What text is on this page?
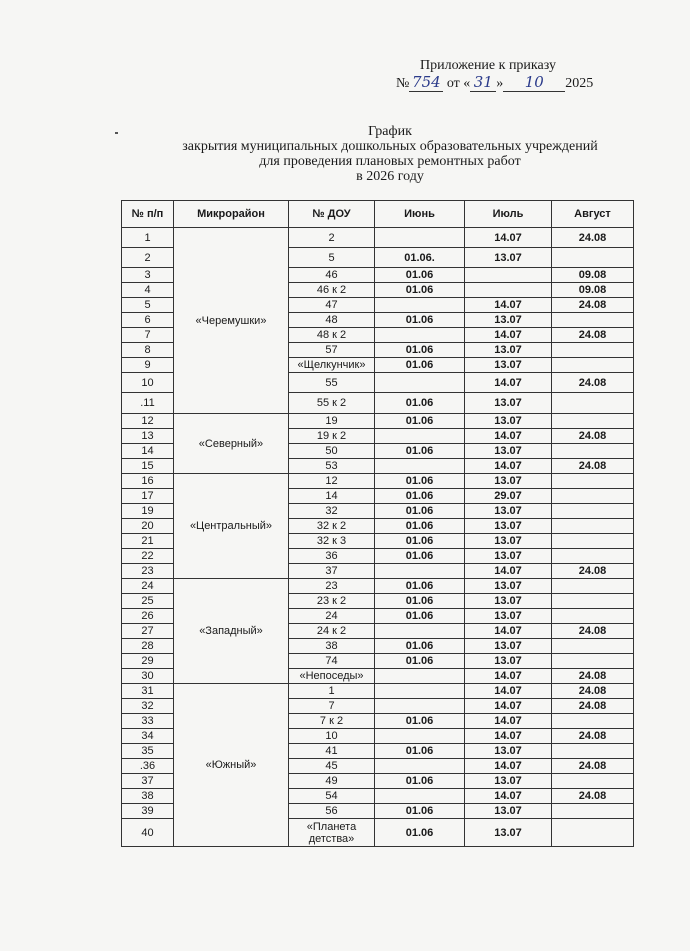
Приложение к приказу
№ 754 от « 31 » 10 2025
График
закрытия муниципальных дошкольных образовательных учреждений
для проведения плановых ремонтных работ
в 2026 году
№ п/п	Микрорайон	№ ДОУ	Июнь	Июль	Август
1	«Черемушки»	2		14.07	24.08
2		5	01.06.	13.07	
3		46	01.06		09.08
4		46 к 2	01.06		09.08
5		47		14.07	24.08
6		48	01.06	13.07	
7		48 к 2		14.07	24.08
8		57	01.06	13.07	
9		«Щелкунчик»	01.06	13.07	
10		55		14.07	24.08
.11		55 к 2	01.06	13.07	
12	«Северный»	19	01.06	13.07	
13		19 к 2		14.07	24.08
14		50	01.06	13.07	
15		53		14.07	24.08
16	«Центральный»	12	01.06	13.07	
17		14	01.06	29.07	
19		32	01.06	13.07	
20		32 к 2	01.06	13.07	
21		32 к 3	01.06	13.07	
22		36	01.06	13.07	
23		37		14.07	24.08
24	«Западный»	23	01.06	13.07	
25		23 к 2	01.06	13.07	
26		24	01.06	13.07	
27		24 к 2		14.07	24.08
28		38	01.06	13.07	
29		74	01.06	13.07	
30		«Непоседы»		14.07	24.08
31	«Южный»	1		14.07	24.08
32		7		14.07	24.08
33		7 к 2	01.06	14.07	
34		10		14.07	24.08
35		41	01.06	13.07	
.36		45		14.07	24.08
37		49	01.06	13.07	
38		54		14.07	24.08
39		56	01.06	13.07	
40		«Планета детства»	01.06	13.07	
